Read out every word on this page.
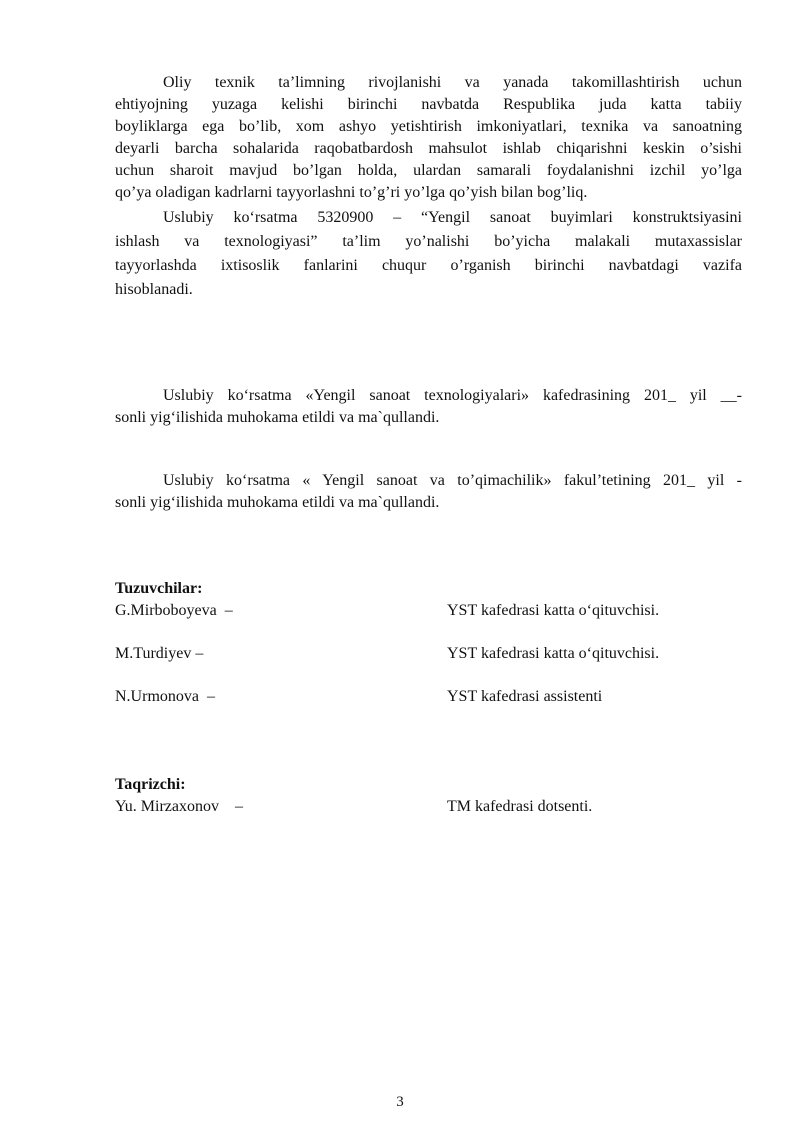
Oliy texnik ta’limning rivojlanishi va yanada takomillashtirish uchun
ehtiyojning yuzaga kelishi birinchi navbatda Respublika juda katta tabiiy
boyliklarga ega bo’lib, xom ashyo yetishtirish imkoniyatlari, texnika va sanoatning
deyarli barcha sohalarida raqobatbardosh mahsulot ishlab chiqarishni keskin o’sishi
uchun sharoit mavjud bo’lgan holda, ulardan samarali foydalanishni izchil yo’lga
qo’ya oladigan kadrlarni tayyorlashni to’g’ri yo’lga qo’yish bilan bog’liq.
Uslubiy ko‘rsatma 5320900 – “Yengil sanoat buyimlari konstruktsiyasini
ishlash va texnologiyasi” ta’lim yo’nalishi bo’yicha malakali mutaxassislar
tayyorlashda ixtisoslik fanlarini chuqur o’rganish birinchi navbatdagi vazifa
hisoblanadi.
Uslubiy ko‘rsatma «Yengil sanoat texnologiyalari» kafedrasining 201_ yil __-
sonli yig‘ilishida muhokama etildi va ma`qullandi.
Uslubiy ko‘rsatma « Yengil sanoat va to’qimachilik» fakul’tetining 201_ yil -
sonli yig‘ilishida muhokama etildi va ma`qullandi.
Tuzuvchilar:
G.Mirboboyeva  –	YST kafedrasi katta o‘qituvchisi.
M.Turdiyev –	YST kafedrasi katta o‘qituvchisi.
N.Urmonova  –	YST kafedrasi assistenti
Taqrizchi:
Yu. Mirzaxonov    –	TM kafedrasi dotsenti.
3
